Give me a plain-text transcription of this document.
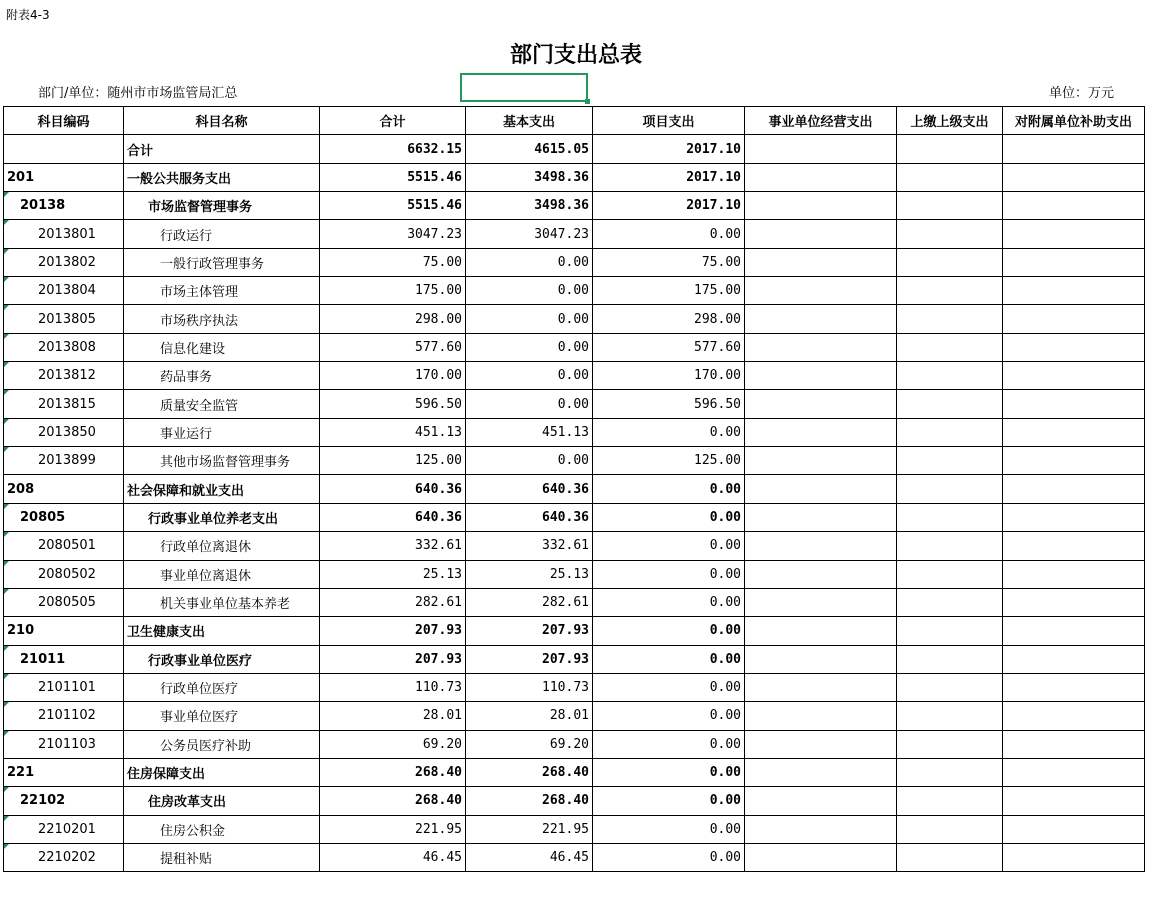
附表4-3
部门支出总表
部门/单位：随州市市场监管局汇总	单位：万元
科目编码	科目名称	合计	基本支出	项目支出	事业单位经营支出	上缴上级支出	对附属单位补助支出
	合计	6632.15	4615.05	2017.10			
201	一般公共服务支出	5515.46	3498.36	2017.10			

20138	市场监督管理事务	5515.46	3498.36	2017.10			

2013801	行政运行	3047.23	3047.23	0.00			

2013802	一般行政管理事务	75.00	0.00	75.00			

2013804	市场主体管理	175.00	0.00	175.00			

2013805	市场秩序执法	298.00	0.00	298.00			

2013808	信息化建设	577.60	0.00	577.60			

2013812	药品事务	170.00	0.00	170.00			

2013815	质量安全监管	596.50	0.00	596.50			

2013850	事业运行	451.13	451.13	0.00			

2013899	其他市场监督管理事务	125.00	0.00	125.00			
208	社会保障和就业支出	640.36	640.36	0.00			

20805	行政事业单位养老支出	640.36	640.36	0.00			

2080501	行政单位离退休	332.61	332.61	0.00			

2080502	事业单位离退休	25.13	25.13	0.00			

2080505	机关事业单位基本养老	282.61	282.61	0.00			
210	卫生健康支出	207.93	207.93	0.00			

21011	行政事业单位医疗	207.93	207.93	0.00			

2101101	行政单位医疗	110.73	110.73	0.00			

2101102	事业单位医疗	28.01	28.01	0.00			

2101103	公务员医疗补助	69.20	69.20	0.00			
221	住房保障支出	268.40	268.40	0.00			

22102	住房改革支出	268.40	268.40	0.00			

2210201	住房公积金	221.95	221.95	0.00			

2210202	提租补贴	46.45	46.45	0.00			
